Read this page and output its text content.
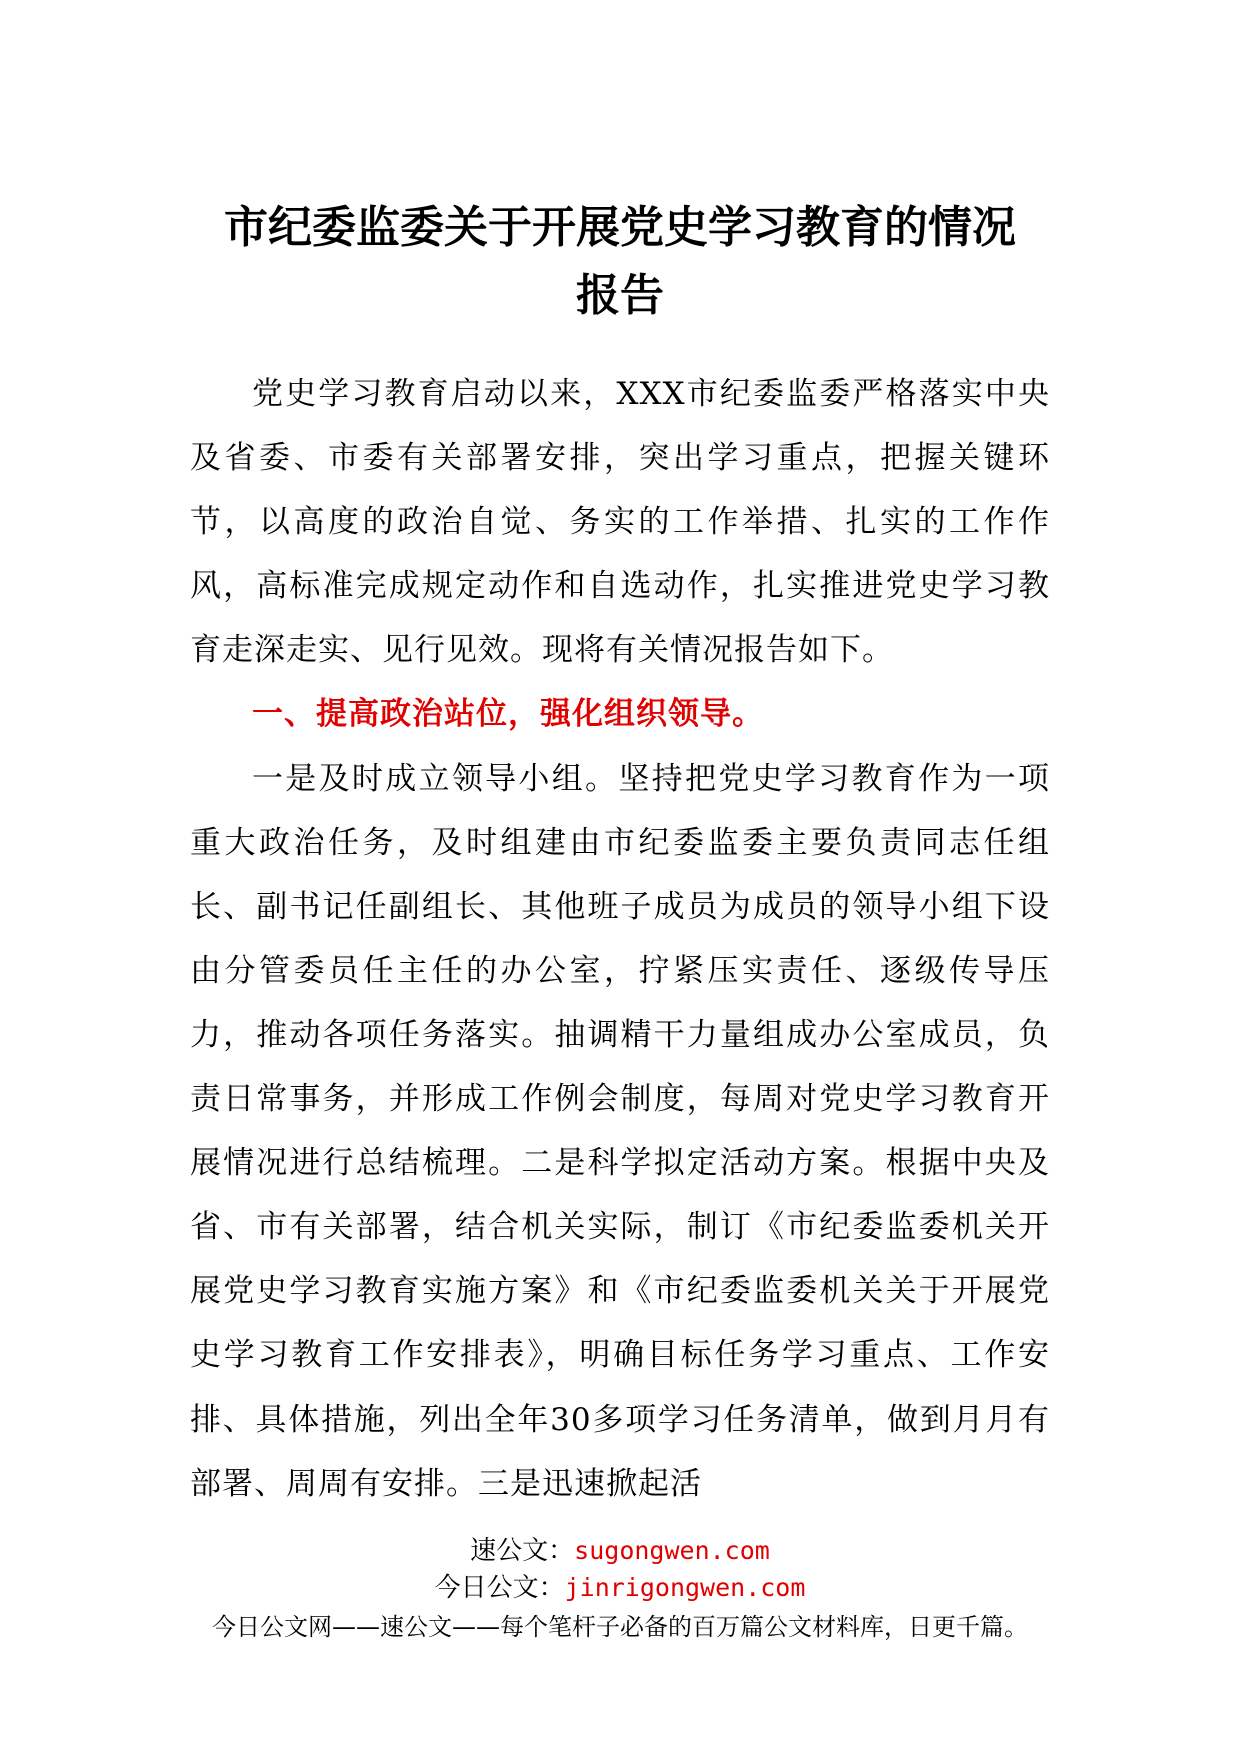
市纪委监委关于开展党史学习教育的情况
报告

党史学习教育启动以来，XXX市纪委监委严格落实中央及省委、市委有关部署安排，突出学习重点，把握关键环节，以高度的政治自觉、务实的工作举措、扎实的工作作风，高标准完成规定动作和自选动作，扎实推进党史学习教育走深走实、见行见效。现将有关情况报告如下。

一、提高政治站位，强化组织领导。

一是及时成立领导小组。坚持把党史学习教育作为一项重大政治任务，及时组建由市纪委监委主要负责同志任组长、副书记任副组长、其他班子成员为成员的领导小组下设由分管委员任主任的办公室，拧紧压实责任、逐级传导压力，推动各项任务落实。抽调精干力量组成办公室成员，负责日常事务，并形成工作例会制度，每周对党史学习教育开展情况进行总结梳理。二是科学拟定活动方案。根据中央及省、市有关部署，结合机关实际，制订《市纪委监委机关开展党史学习教育实施方案》和《市纪委监委机关关于开展党史学习教育工作安排表》，明确目标任务学习重点、工作安排、具体措施，列出全年30多项学习任务清单，做到月月有部署、周周有安排。三是迅速掀起活

速公文：sugongwen.com
今日公文：jinrigongwen.com
今日公文网——速公文——每个笔杆子必备的百万篇公文材料库，日更千篇。
